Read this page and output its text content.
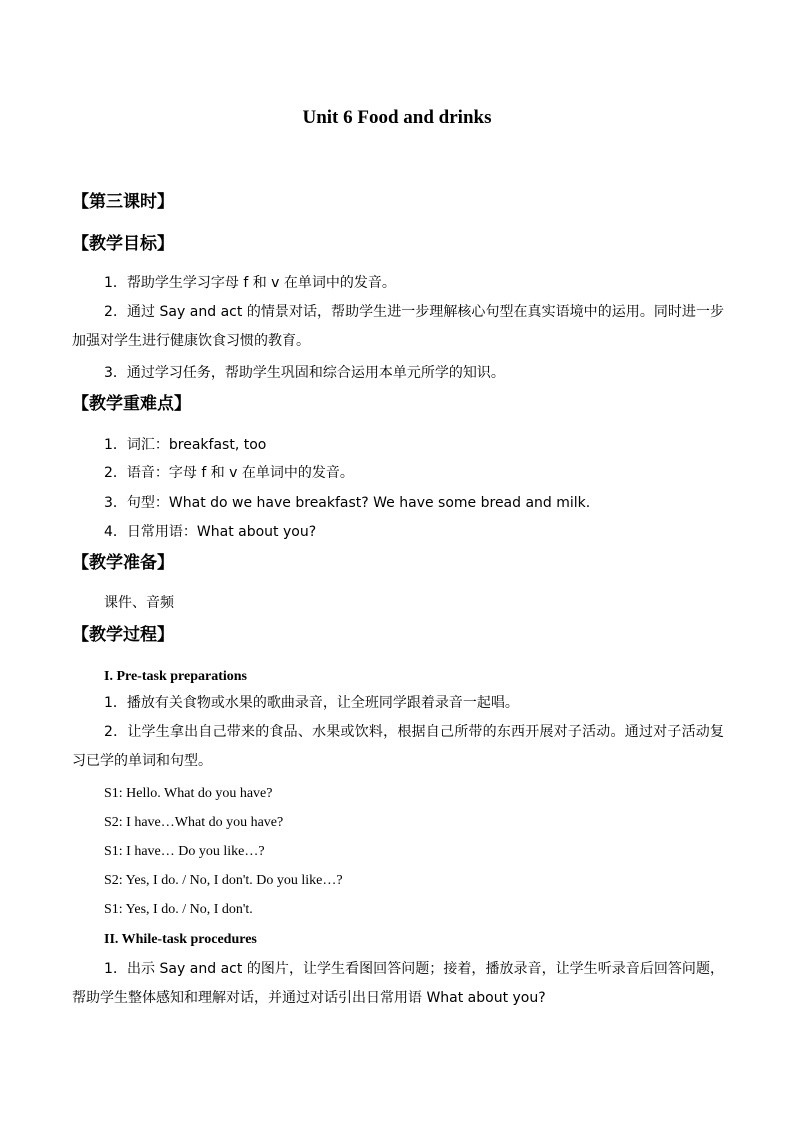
Unit 6 Food and drinks
【第三课时】
【教学目标】
1．帮助学生学习字母 f 和 v 在单词中的发音。
2．通过 Say and act 的情景对话，帮助学生进一步理解核心句型在真实语境中的运用。同时进一步加强对学生进行健康饮食习惯的教育。
3．通过学习任务，帮助学生巩固和综合运用本单元所学的知识。
【教学重难点】
1．词汇：breakfast, too
2．语音：字母 f 和 v 在单词中的发音。
3．句型：What do we have breakfast? We have some bread and milk.
4．日常用语：What about you?
【教学准备】
课件、音频
【教学过程】
I. Pre-task preparations
1．播放有关食物或水果的歌曲录音，让全班同学跟着录音一起唱。
2．让学生拿出自己带来的食品、水果或饮料，根据自己所带的东西开展对子活动。通过对子活动复习已学的单词和句型。
S1: Hello. What do you have?
S2: I have…What do you have?
S1: I have… Do you like…?
S2: Yes, I do. / No, I don't. Do you like…?
S1: Yes, I do. / No, I don't.
II. While-task procedures
1．出示 Say and act 的图片，让学生看图回答问题；接着，播放录音，让学生听录音后回答问题，帮助学生整体感知和理解对话，并通过对话引出日常用语 What about you?
